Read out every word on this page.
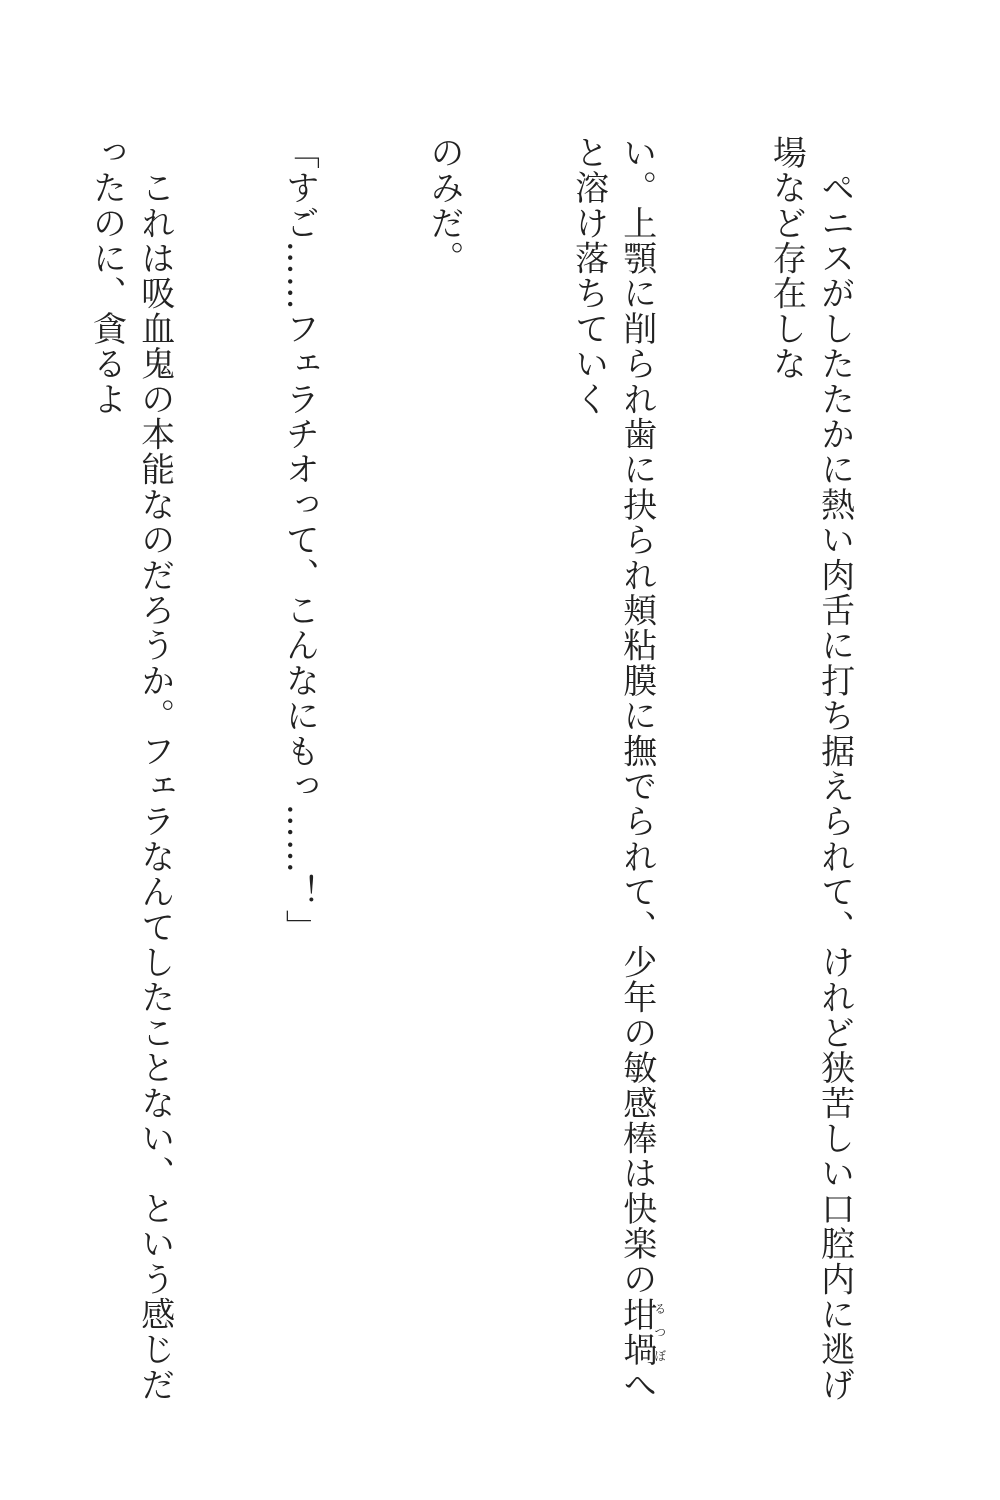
　ペニスがしたたかに熱い肉舌に打ち据えられて、けれど狭苦しい口腔内に逃げ場など存在しな

い。上顎に削られ歯に抉られ頬粘膜に撫でられて、少年の敏感棒は快楽の坩堝るつぼへと溶け落ちていく

のみだ。

「すご……フェラチオって、こんなにもっ……！」

　これは吸血鬼の本能なのだろうか。フェラなんてしたことない、という感じだったのに、貪るよ
